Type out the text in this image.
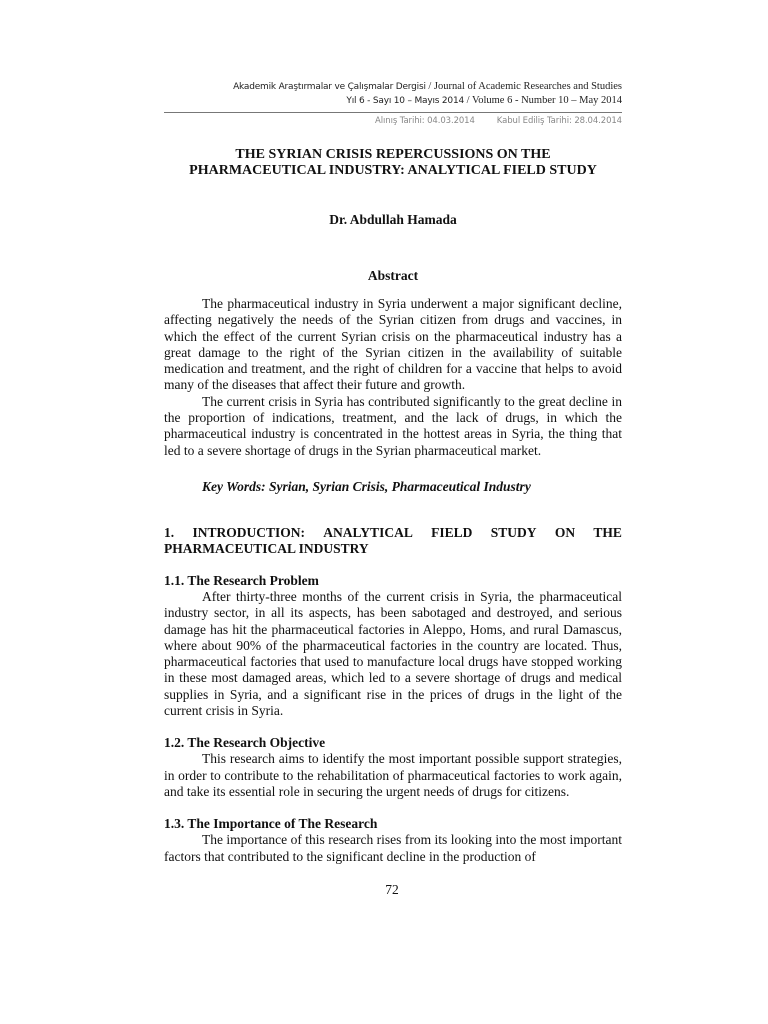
Akademik Araştırmalar ve Çalışmalar Dergisi / Journal of Academic Researches and Studies
Yıl 6 - Sayı 10 – Mayıs 2014 / Volume 6 - Number 10 – May 2014
Alınış Tarihi: 04.03.2014	Kabul Ediliş Tarihi: 28.04.2014
THE SYRIAN CRISIS REPERCUSSIONS ON THE
PHARMACEUTICAL INDUSTRY: ANALYTICAL FIELD STUDY
Dr. Abdullah Hamada
Abstract

The pharmaceutical industry in Syria underwent a major significant decline, affecting negatively the needs of the Syrian citizen from drugs and vaccines, in which the effect of the current Syrian crisis on the pharmaceutical industry has a great damage to the right of the Syrian citizen in the availability of suitable medication and treatment, and the right of children for a vaccine that helps to avoid many of the diseases that affect their future and growth.

The current crisis in Syria has contributed significantly to the great decline in the proportion of indications, treatment, and the lack of drugs, in which the pharmaceutical industry is concentrated in the hottest areas in Syria, the thing that led to a severe shortage of drugs in the Syrian pharmaceutical market.

Key Words: Syrian, Syrian Crisis, Pharmaceutical Industry
1. INTRODUCTION: ANALYTICAL FIELD STUDY ON THE
PHARMACEUTICAL INDUSTRY
1.1. The Research Problem

After thirty-three months of the current crisis in Syria, the pharmaceutical industry sector, in all its aspects, has been sabotaged and destroyed, and serious damage has hit the pharmaceutical factories in Aleppo, Homs, and rural Damascus, where about 90% of the pharmaceutical factories in the country are located. Thus, pharmaceutical factories that used to manufacture local drugs have stopped working in these most damaged areas, which led to a severe shortage of drugs and medical supplies in Syria, and a significant rise in the prices of drugs in the light of the current crisis in Syria.

1.2. The Research Objective

This research aims to identify the most important possible support strategies, in order to contribute to the rehabilitation of pharmaceutical factories to work again, and take its essential role in securing the urgent needs of drugs for citizens.

1.3. The Importance of The Research

The importance of this research rises from its looking into the most important factors that contributed to the significant decline in the production of

72
